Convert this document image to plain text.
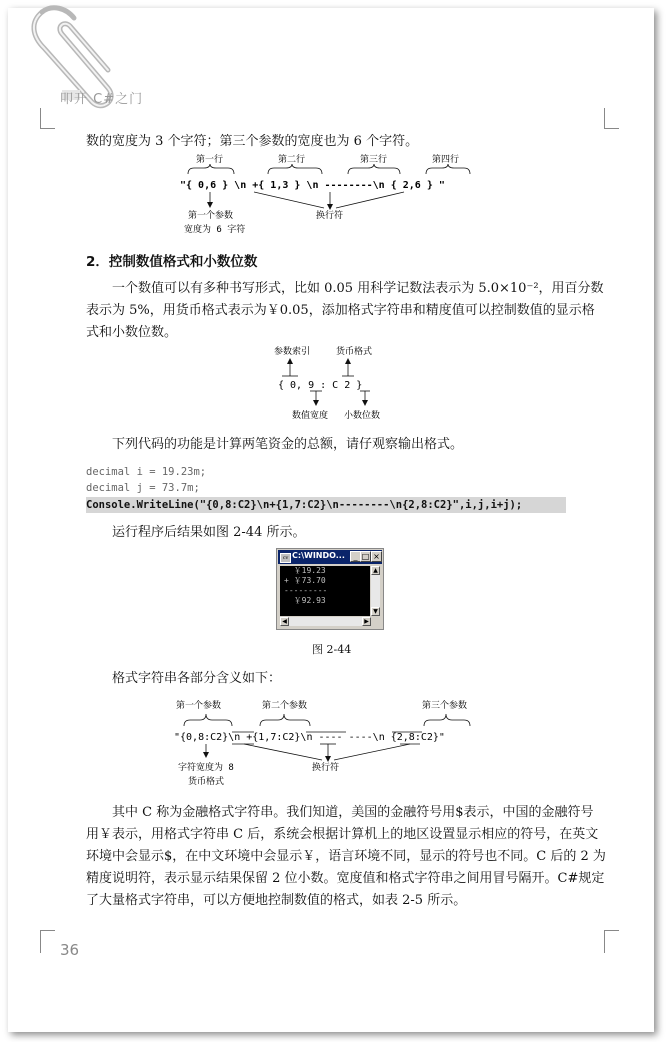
叩开 C#之门
数的宽度为 3 个字符；第三个参数的宽度也为 6 个字符。
第一行	第二行	第三行	第四行
"{ 0,6 } \n +{ 1,3 } \n --------\n { 2,6 } "
第一个参数
宽度为 6 字符
换行符
2．控制数值格式和小数位数
一个数值可以有多种书写形式，比如 0.05 用科学记数法表示为 5.0×10⁻²，用百分数表示为 5%，用货币格式表示为￥0.05，添加格式字符串和精度值可以控制数值的显示格式和小数位数。
参数索引	货币格式
{ 0, 9 : C 2 }
数值宽度 小数位数
下列代码的功能是计算两笔资金的总额，请仔观察输出格式。
decimal i = 19.23m;
decimal j = 73.7m;
Console.WriteLine("{0,8:C2}\n+{1,7:C2}\n--------\n{2,8:C2}",i,j,i+j);
运行程序后结果如图 2-44 所示。
cv C:\WINDO...	_ □ ×
￥19.23
+ ￥73.70
---------
￥92.93
▲
▼
◀	▶
图 2-44
格式字符串各部分含义如下：
第一个参数	第二个参数	第三个参数
"{0,8:C2}\n +{1,7:C2}\n ---- ----\n {2,8:C2}"
字符宽度为 8
货币格式
换行符
其中 C 称为金融格式字符串。我们知道，美国的金融符号用$表示，中国的金融符号用￥表示，用格式字符串 C 后，系统会根据计算机上的地区设置显示相应的符号，在英文环境中会显示$，在中文环境中会显示￥，语言环境不同，显示的符号也不同。C 后的 2 为精度说明符，表示显示结果保留 2 位小数。宽度值和格式字符串之间用冒号隔开。C#规定了大量格式字符串，可以方便地控制数值的格式，如表 2-5 所示。
36
